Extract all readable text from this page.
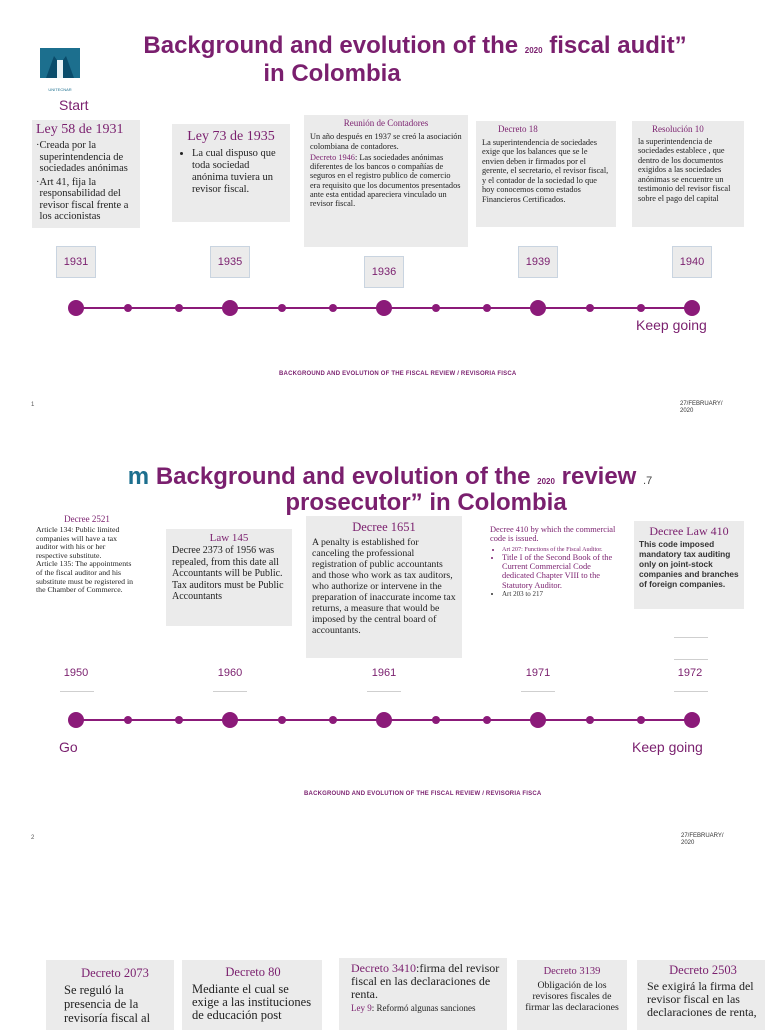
UNITECNAR
Background and evolution of the 2020 fiscal audit”
in Colombia
Start
Ley 58 de 1931
· Creada por la superintendencia de sociedades anónimas
· Art 41, fija la responsabilidad del revisor fiscal frente a los accionistas
Ley 73 de 1935
• La cual dispuso que toda sociedad anónima tuviera un revisor fiscal.
Reunión de Contadores

Un año después en 1937 se creó la asociación colombiana de contadores.

Decreto 1946: Las sociedades anónimas diferentes de los bancos o compañías de seguros en el registro publico de comercio era requisito que los documentos presentados ante esta entidad apareciera vinculado un revisor fiscal.

Decreto 18

La superintendencia de sociedades exige que los balances que se le envien deben ir firmados por el gerente, el secretario, el revisor fiscal, y el contador de la sociedad lo que hoy conocemos como estados Financieros Certificados.

Resolución 10

la superintendencia de sociedades establece , que dentro de los documentos exigidos a las sociedades anónimas se encuentre un testimonio del revisor fiscal sobre el pago del capital

1931	1935
1936
1939	1940
Keep going
BACKGROUND AND EVOLUTION OF THE FISCAL REVIEW / REVISORIA FISCA
1	27/FEBRUARY/
2020
m Background and evolution of the 2020 review .7
prosecutor” in Colombia
Decree 2521

Article 134: Public limited companies will have a tax auditor with his or her respective substitute.

Article 135: The appointments of the fiscal auditor and his substitute must be registered in the Chamber of Commerce.

Law 145

Decree 2373 of 1956 was repealed, from this date all Accountants will be Public.

Tax auditors must be Public Accountants

Decree 1651

A penalty is established for canceling the professional registration of public accountants and those who work as tax auditors, who authorize or intervene in the preparation of inaccurate income tax returns, a measure that would be imposed by the central board of accountants.

Decree 410 by which the commercial code is issued.

• Art 207: Functions of the Fiscal Auditor.
• Title I of the Second Book of the Current Commercial Code dedicated Chapter VIII to the Statutory Auditor.
• Art 203 to 217
Decree Law 410

This code imposed mandatory tax auditing only on joint-stock companies and branches of foreign companies.

1950	1960	1961	1971	1972
Go	Keep going
BACKGROUND AND EVOLUTION OF THE FISCAL REVIEW / REVISORIA FISCA
2	27/FEBRUARY/
2020
Decreto 2073

Se reguló la presencia de la revisoría fiscal al

Decreto 80

Mediante el cual se exige a las instituciones de educación post

Decreto 3410:firma del revisor fiscal en las declaraciones de renta.

Ley 9: Reformó algunas sanciones

Decreto 3139

Obligación de los revisores fiscales de firmar las declaraciones

Decreto 2503

Se exigirá la firma del revisor fiscal en las declaraciones de renta,
